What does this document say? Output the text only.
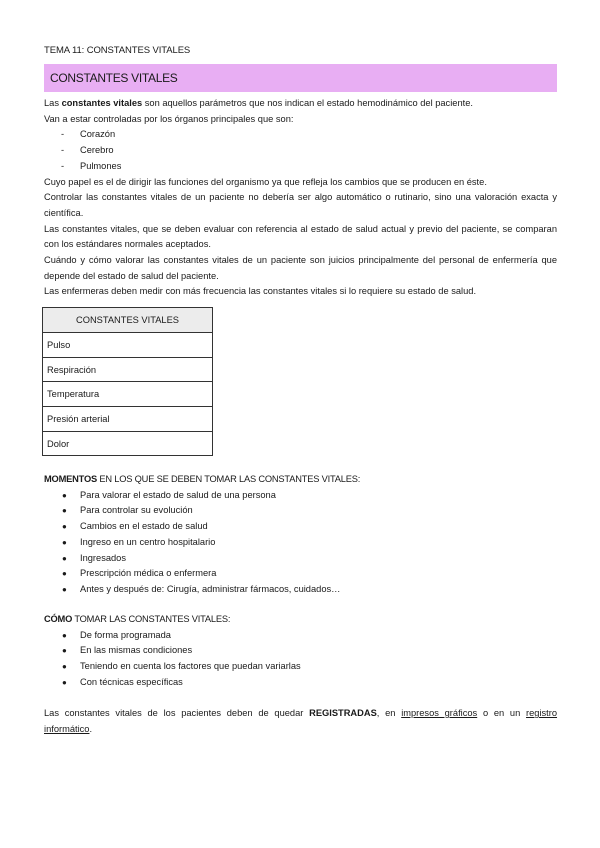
TEMA 11: CONSTANTES VITALES
CONSTANTES VITALES

Las constantes vitales son aquellos parámetros que nos indican el estado hemodinámico del paciente.

Van a estar controladas por los órganos principales que son:

- Corazón
- Cerebro
- Pulmones

Cuyo papel es el de dirigir las funciones del organismo ya que refleja los cambios que se producen en éste.

Controlar las constantes vitales de un paciente no debería ser algo automático o rutinario, sino una valoración exacta y científica.

Las constantes vitales, que se deben evaluar con referencia al estado de salud actual y previo del paciente, se comparan con los estándares normales aceptados.

Cuándo y cómo valorar las constantes vitales de un paciente son juicios principalmente del personal de enfermería que depende del estado de salud del paciente.

Las enfermeras deben medir con más frecuencia las constantes vitales si lo requiere su estado de salud.

CONSTANTES VITALES
Pulso
Respiración
Temperatura
Presión arterial
Dolor

MOMENTOS EN LOS QUE SE DEBEN TOMAR LAS CONSTANTES VITALES:

● Para valorar el estado de salud de una persona
● Para controlar su evolución
● Cambios en el estado de salud
● Ingreso en un centro hospitalario
● Ingresados
● Prescripción médica o enfermera
● Antes y después de: Cirugía, administrar fármacos, cuidados…

CÓMO TOMAR LAS CONSTANTES VITALES:

● De forma programada
● En las mismas condiciones
● Teniendo en cuenta los factores que puedan variarlas
● Con técnicas específicas

Las constantes vitales de los pacientes deben de quedar REGISTRADAS, en impresos gráficos o en un registro informático.
